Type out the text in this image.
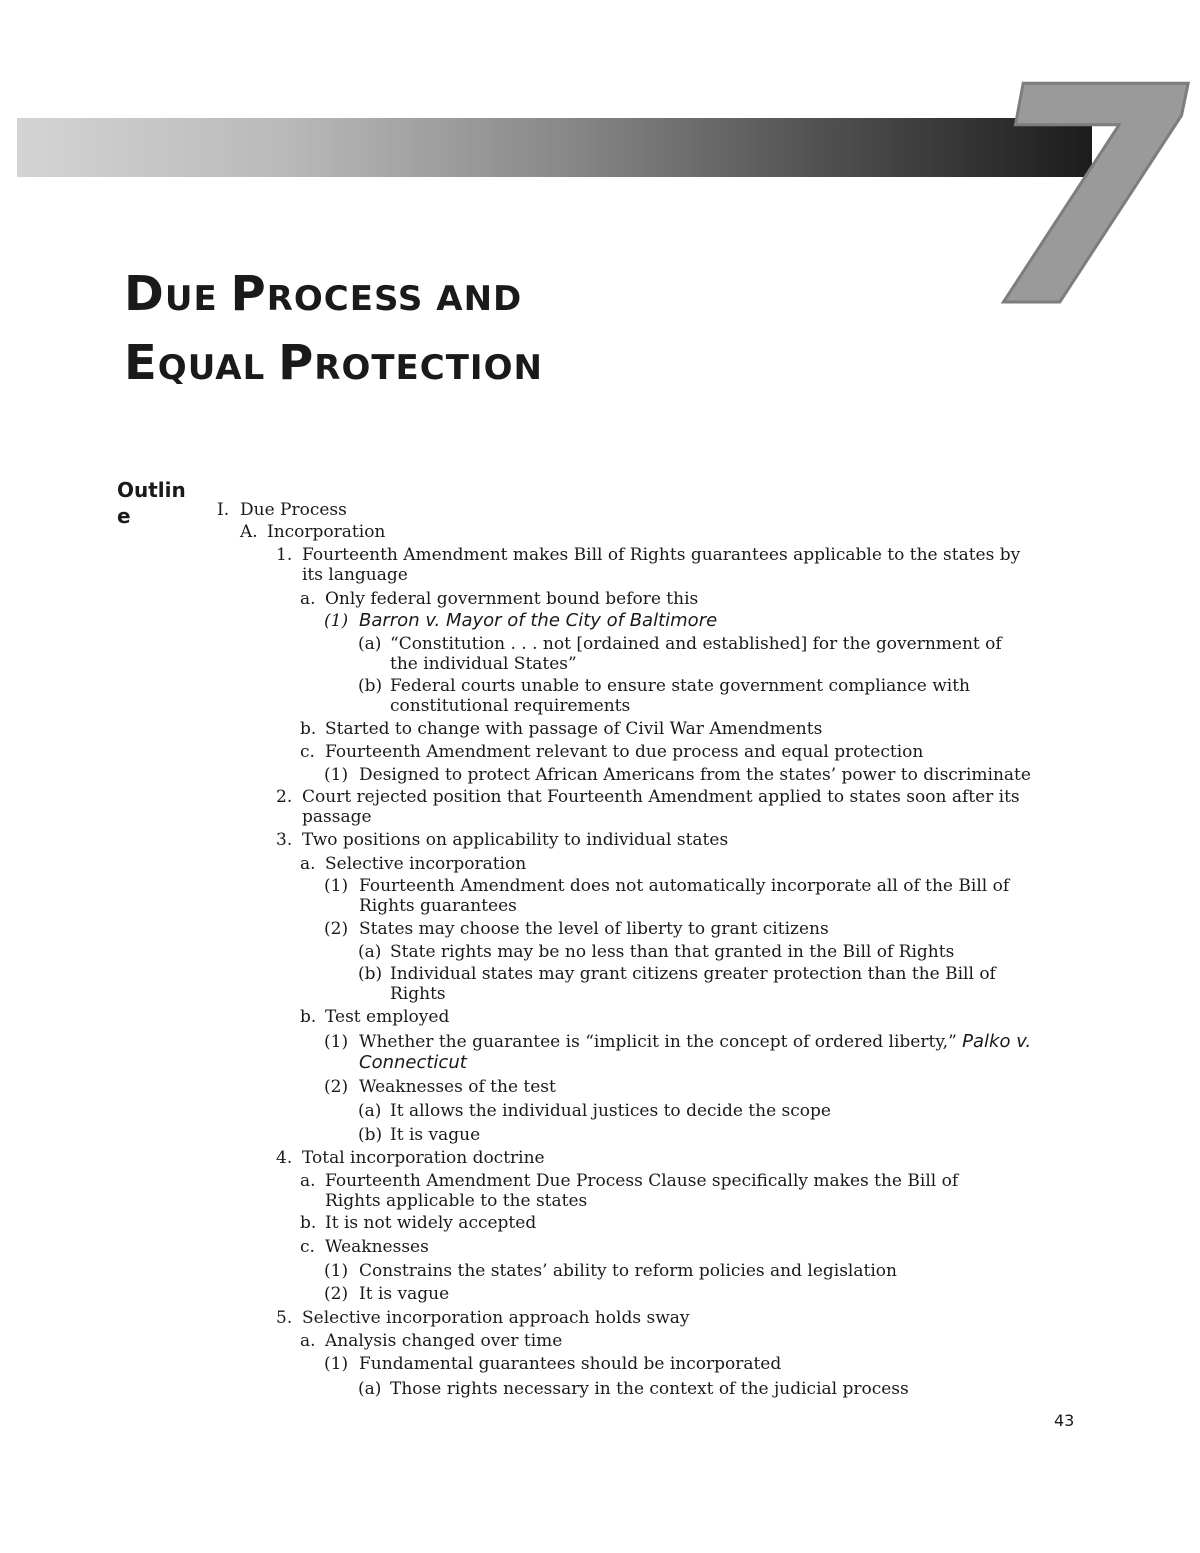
7
DUE PROCESS AND
EQUAL PROTECTION
Outlin
e	I. Due Process
A. Incorporation
1. Fourteenth Amendment makes Bill of Rights guarantees applicable to the states by
its language
a. Only federal government bound before this
(1) Barron v. Mayor of the City of Baltimore
(a) “Constitution . . . not [ordained and established] for the government of
the individual States”
(b) Federal courts unable to ensure state government compliance with
constitutional requirements
b. Started to change with passage of Civil War Amendments
c. Fourteenth Amendment relevant to due process and equal protection
(1) Designed to protect African Americans from the states’ power to discriminate
2. Court rejected position that Fourteenth Amendment applied to states soon after its
passage
3. Two positions on applicability to individual states
a. Selective incorporation
(1) Fourteenth Amendment does not automatically incorporate all of the Bill of
Rights guarantees
(2) States may choose the level of liberty to grant citizens
(a) State rights may be no less than that granted in the Bill of Rights
(b) Individual states may grant citizens greater protection than the Bill of
Rights
b. Test employed
(1) Whether the guarantee is “implicit in the concept of ordered liberty,” Palko v.
Connecticut
(2) Weaknesses of the test
(a) It allows the individual justices to decide the scope
(b) It is vague
4. Total incorporation doctrine
a. Fourteenth Amendment Due Process Clause specifically makes the Bill of
Rights applicable to the states
b. It is not widely accepted
c. Weaknesses
(1) Constrains the states’ ability to reform policies and legislation
(2) It is vague
5. Selective incorporation approach holds sway
a. Analysis changed over time
(1) Fundamental guarantees should be incorporated
(a) Those rights necessary in the context of the judicial process
43
